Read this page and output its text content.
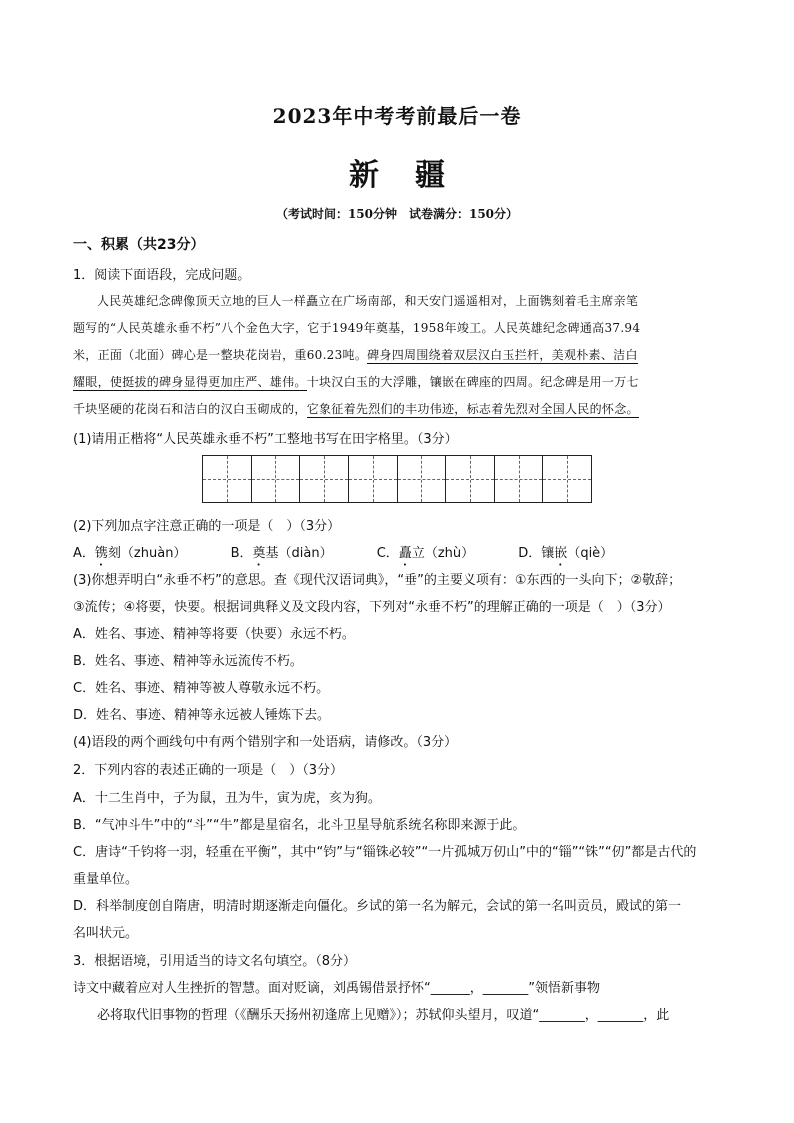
2023年中考考前最后一卷
新 疆
（考试时间：150分钟　试卷满分：150分）
一、积累（共23分）
1．阅读下面语段，完成问题。
人民英雄纪念碑像顶天立地的巨人一样矗立在广场南部，和天安门遥遥相对，上面镌刻着毛主席亲笔
题写的“人民英雄永垂不朽”八个金色大字，它于1949年奠基，1958年竣工。人民英雄纪念碑通高37.94
米，正面（北面）碑心是一整块花岗岩，重60.23吨。碑身四周围绕着双层汉白玉拦杆，美观朴素、洁白
耀眼，使挺拔的碑身显得更加庄严、雄伟。十块汉白玉的大浮雕，镶嵌在碑座的四周。纪念碑是用一万七
千块坚硬的花岗石和洁白的汉白玉砌成的，它象征着先烈们的丰功伟迹，标志着先烈对全国人民的怀念。
(1)请用正楷将“人民英雄永垂不朽”工整地书写在田字格里。（3分）
(2)下列加点字注意正确的一项是（　）（3分）
A．镌刻（zhuàn）	B．奠基（diàn）	C．矗立（zhù）	D．镶嵌（qiè）
(3)你想弄明白“永垂不朽”的意思。查《现代汉语词典》，“垂”的主要义项有：①东西的一头向下；②敬辞；
③流传；④将要，快要。根据词典释义及文段内容，下列对“永垂不朽”的理解正确的一项是（　）（3分）
A．姓名、事迹、精神等将要（快要）永远不朽。
B．姓名、事迹、精神等永远流传不朽。
C．姓名、事迹、精神等被人尊敬永远不朽。
D．姓名、事迹、精神等永远被人锤炼下去。
(4)语段的两个画线句中有两个错别字和一处语病，请修改。（3分）
2．下列内容的表述正确的一项是（　）（3分）
A．十二生肖中，子为鼠，丑为牛，寅为虎，亥为狗。
B．“气冲斗牛”中的“斗”“牛”都是星宿名，北斗卫星导航系统名称即来源于此。
C．唐诗“千钧将一羽，轻重在平衡”，其中“钧”与“锱铢必较”“一片孤城万仞山”中的“锱”“铢”“仞”都是古代的
重量单位。
D．科举制度创自隋唐，明清时期逐渐走向僵化。乡试的第一名为解元，会试的第一名叫贡员，殿试的第一
名叫状元。
3．根据语境，引用适当的诗文名句填空。（8分）
诗文中藏着应对人生挫折的智慧。面对贬谪，刘禹锡借景抒怀“______，_______”领悟新事物
必将取代旧事物的哲理（《酬乐天扬州初逢席上见赠》）；苏轼仰头望月，叹道“_______，_______，此
